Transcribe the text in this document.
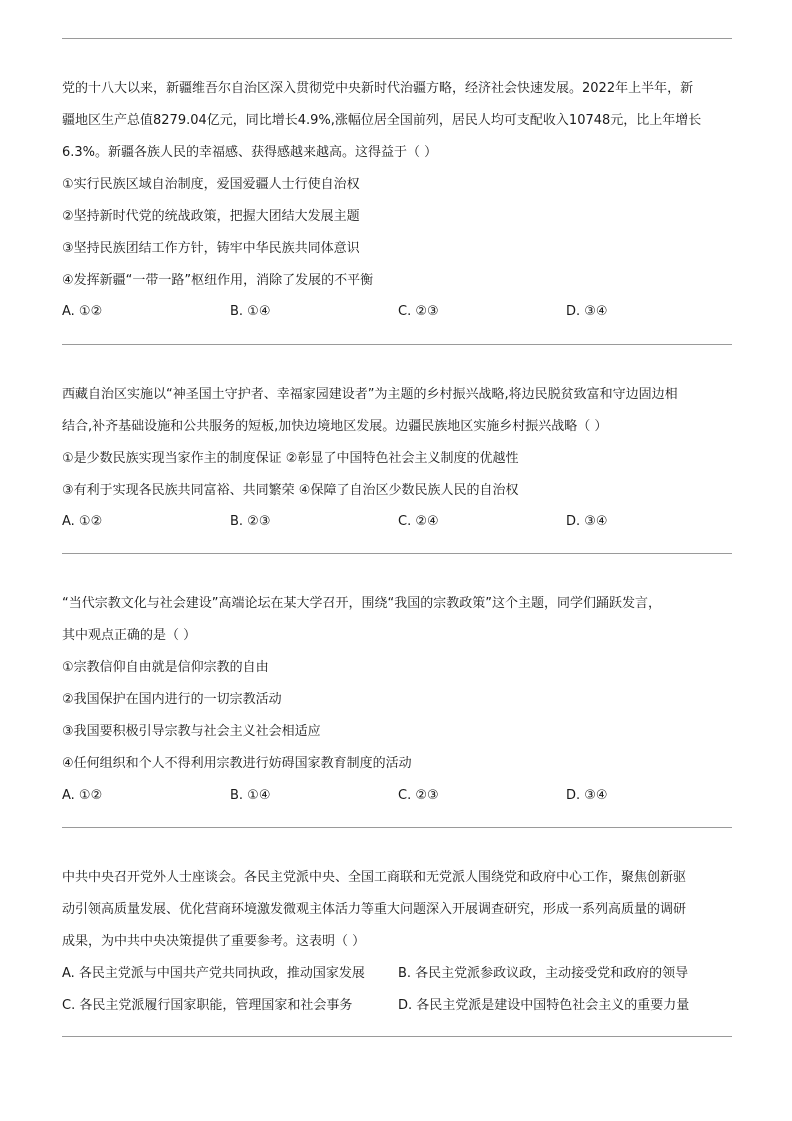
党的十八大以来，新疆维吾尔自治区深入贯彻党中央新时代治疆方略，经济社会快速发展。2022年上半年，新
疆地区生产总值8279.04亿元，同比增长4.9%,涨幅位居全国前列，居民人均可支配收入10748元，比上年增长
6.3%。新疆各族人民的幸福感、获得感越来越高。这得益于（ ）
①实行民族区域自治制度，爱国爱疆人士行使自治权
②坚持新时代党的统战政策，把握大团结大发展主题
③坚持民族团结工作方针，铸牢中华民族共同体意识
④发挥新疆“一带一路”枢纽作用，消除了发展的不平衡
A. ①②	B. ①④	C. ②③	D. ③④
西藏自治区实施以“神圣国土守护者、幸福家园建设者”为主题的乡村振兴战略,将边民脱贫致富和守边固边相
结合,补齐基础设施和公共服务的短板,加快边境地区发展。边疆民族地区实施乡村振兴战略（ ）
①是少数民族实现当家作主的制度保证 ②彰显了中国特色社会主义制度的优越性
③有利于实现各民族共同富裕、共同繁荣 ④保障了自治区少数民族人民的自治权
A. ①②	B. ②③	C. ②④	D. ③④
“当代宗教文化与社会建设”高端论坛在某大学召开，围绕“我国的宗教政策”这个主题，同学们踊跃发言，
其中观点正确的是（ ）
①宗教信仰自由就是信仰宗教的自由
②我国保护在国内进行的一切宗教活动
③我国要积极引导宗教与社会主义社会相适应
④任何组织和个人不得利用宗教进行妨碍国家教育制度的活动
A. ①②	B. ①④	C. ②③	D. ③④
中共中央召开党外人士座谈会。各民主党派中央、全国工商联和无党派人围绕党和政府中心工作，聚焦创新驱
动引领高质量发展、优化营商环境激发微观主体活力等重大问题深入开展调查研究，形成一系列高质量的调研
成果，为中共中央决策提供了重要参考。这表明（ ）
A. 各民主党派与中国共产党共同执政，推动国家发展	B. 各民主党派参政议政，主动接受党和政府的领导
C. 各民主党派履行国家职能，管理国家和社会事务	D. 各民主党派是建设中国特色社会主义的重要力量
